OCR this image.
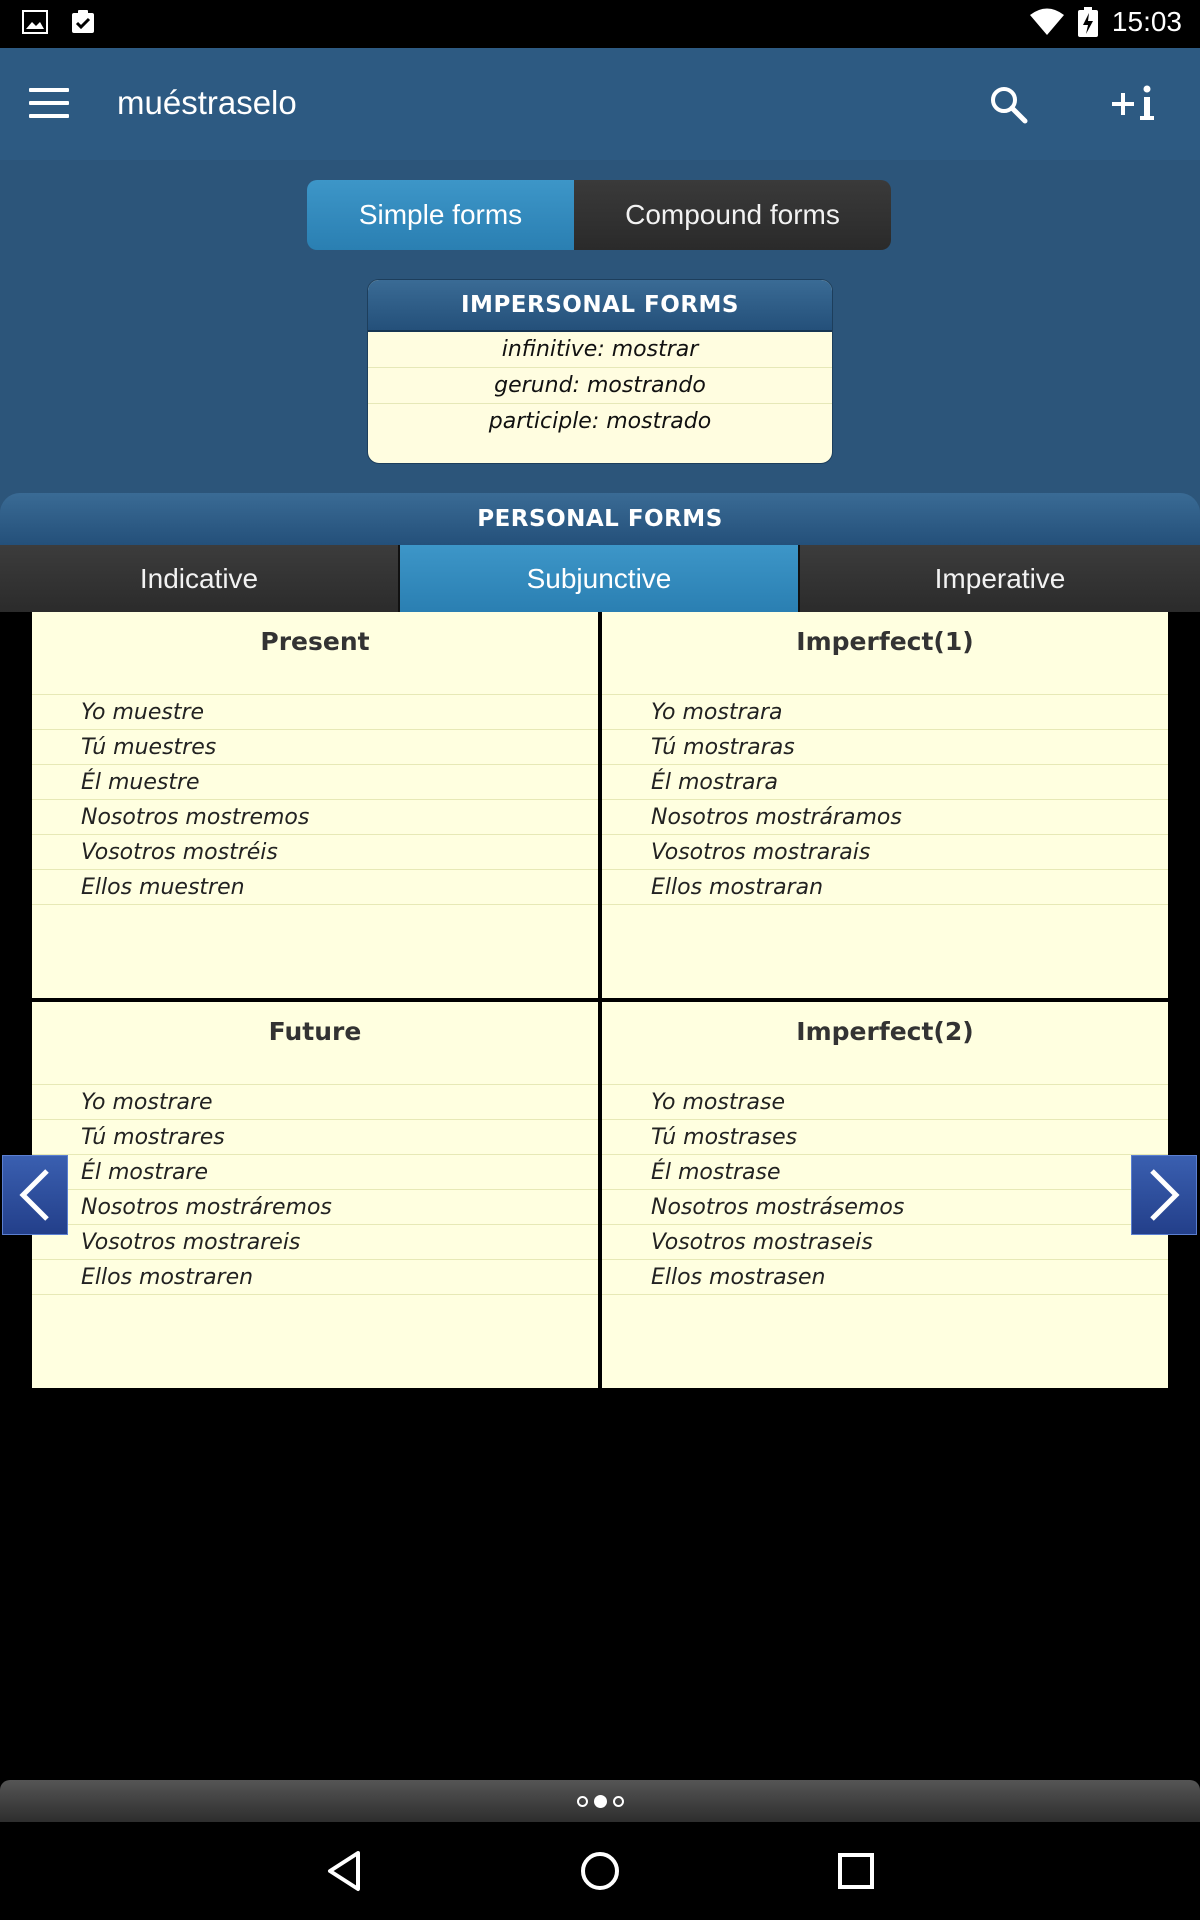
15:03
muéstraselo
Simple forms	Compound forms
IMPERSONAL FORMS
infinitive: mostrar
gerund: mostrando
participle: mostrado
PERSONAL FORMS
Indicative	Subjunctive	Imperative
Present
Yo muestre
Tú muestres
Él muestre
Nosotros mostremos
Vosotros mostréis
Ellos muestren
Imperfect(1)
Yo mostrara
Tú mostraras
Él mostrara
Nosotros mostráramos
Vosotros mostrarais
Ellos mostraran
Future
Yo mostrare
Tú mostrares
Él mostrare
Nosotros mostráremos
Vosotros mostrareis
Ellos mostraren
Imperfect(2)
Yo mostrase
Tú mostrases
Él mostrase
Nosotros mostrásemos
Vosotros mostraseis
Ellos mostrasen
